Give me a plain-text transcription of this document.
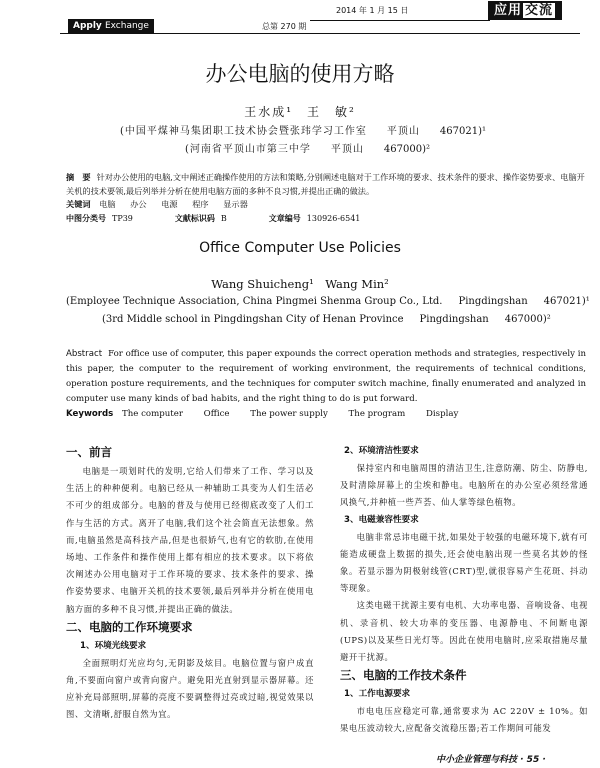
Apply Exchange	总第 270 期
2014 年 1 月 15 日	应用 交流
办公电脑的使用方略
王水成¹　王　敏²
(中国平煤神马集团职工技术协会暨张玮学习工作室 平顶山 467021)¹
(河南省平顶山市第三中学 平顶山 467000)²
摘　要 针对办公使用的电脑,文中阐述正确操作使用的方法和策略,分别阐述电脑对于工作环境的要求、技术条件的要求、操作姿势要求、电脑开关机的技术要领,最后列举并分析在使用电脑方面的多种不良习惯,并提出正确的做法。
关键词 电脑 办公 电源 程序 显示器
中图分类号 TP39	文献标识码 B	文章编号 130926-6541
Office Computer Use Policies
Wang Shuicheng¹　Wang Min²
(Employee Technique Association, China Pingmei Shenma Group Co., Ltd. Pingdingshan 467021)¹
(3rd Middle school in Pingdingshan City of Henan Province Pingdingshan 467000)²
Abstract For office use of computer, this paper expounds the correct operation methods and strategies, respectively in this paper, the computer to the requirement of working environment, the requirements of technical conditions, operation posture requirements, and the techniques for computer switch machine, finally enumerated and analyzed in computer use many kinds of bad habits, and the right thing to do is put forward.
Keywords The computer Office The power supply The program Display
一、前言
电脑是一项划时代的发明,它给人们带来了工作、学习以及生活上的种种便利。电脑已经从一种辅助工具变为人们生活必不可少的组成部分。电脑的普及与使用已经彻底改变了人们工作与生活的方式。离开了电脑,我们这个社会简直无法想象。然而,电脑虽然是高科技产品,但是也很娇气,也有它的软肋,在使用场地、工作条件和操作使用上都有相应的技术要求。以下将依次阐述办公用电脑对于工作环境的要求、技术条件的要求、操作姿势要求、电脑开关机的技术要领,最后列举并分析在使用电脑方面的多种不良习惯,并提出正确的做法。
二、电脑的工作环境要求
1、环境光线要求
全面照明灯光应均匀,无阴影及炫目。电脑位置与窗户成直角,不要面向窗户或背向窗户。避免阳光直射到显示器屏幕。还应补充局部照明,屏幕的亮度不要调整得过亮或过暗,视觉效果以图、文清晰,舒服自然为宜。
2、环境清洁性要求
保持室内和电脑周围的清洁卫生,注意防潮、防尘、防静电,及时清除屏幕上的尘埃和静电。电脑所在的办公室必须经常通风换气,并种植一些芦荟、仙人掌等绿色植物。
3、电磁兼容性要求
电脑非常忌讳电磁干扰,如果处于较强的电磁环境下,就有可能造成硬盘上数据的损失,还会使电脑出现一些莫名其妙的怪象。若显示器为阴极射线管(CRT)型,就很容易产生花斑、抖动等现象。
这类电磁干扰源主要有电机、大功率电器、音响设备、电视机、录音机、较大功率的变压器、电源静电、不间断电源(UPS)以及某些日光灯等。因此在使用电脑时,应采取措施尽量避开干扰源。
三、电脑的工作技术条件
1、工作电源要求
市电电压应稳定可靠,通常要求为 AC 220V ± 10%。如果电压波动较大,应配备交流稳压器;若工作期间可能发
中小企业管理与科技 · 55 ·
